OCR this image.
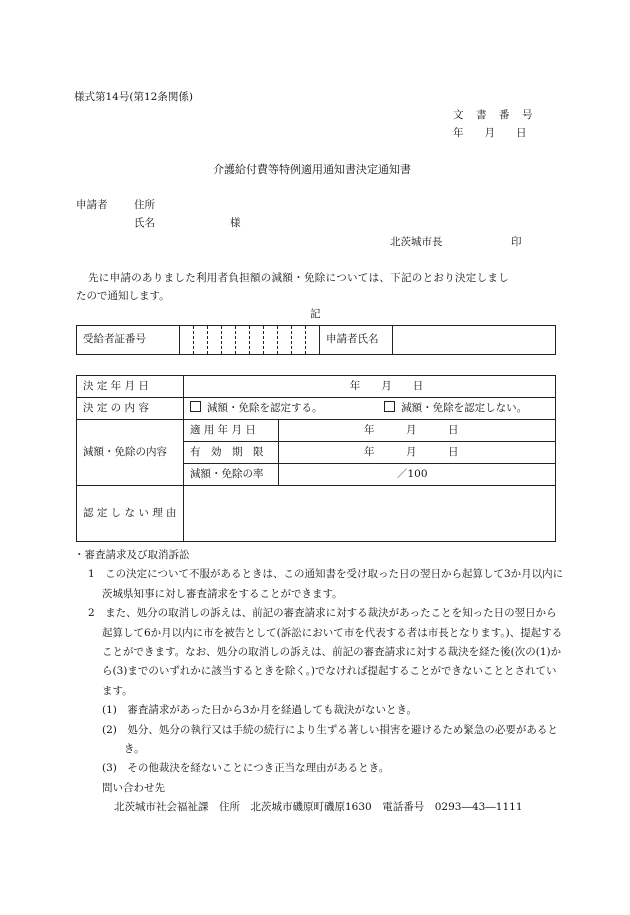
様式第14号(第12条関係)
文　書　番　号
年　　月　　日
介護給付費等特例適用通知書決定通知書
申請者	住所
氏名	様
北茨城市長	印
先に申請のありました利用者負担額の減額・免除については、下記のとおり決定しまし
たので通知します。
記
受給者証番号											申請者氏名	
決 定 年 月 日	年　　月　　日	
決 定 の 内 容	減額・免除を認定する。 減額・免除を認定しない。	
減額・免除の内容	適 用 年 月 日	年　　　月　　　日
	有　効　期　限	年　　　月　　　日
	減額・免除の率	／100
認 定 し な い 理 由		

・審査請求及び取消訴訟

1　この決定について不服があるときは、この通知書を受け取った日の翌日から起算して3か月以内に茨城県知事に対し審査請求をすることができます。

2　また、処分の取消しの訴えは、前記の審査請求に対する裁決があったことを知った日の翌日から起算して6か月以内に市を被告として(訴訟において市を代表する者は市長となります。)、提起することができます。なお、処分の取消しの訴えは、前記の審査請求に対する裁決を経た後(次の(1)から(3)までのいずれかに該当するときを除く。)でなければ提起することができないこととされています。

(1)　審査請求があった日から3か月を経過しても裁決がないとき。

(2)　処分、処分の執行又は手続の続行により生ずる著しい損害を避けるため緊急の必要があるとき。

(3)　その他裁決を経ないことにつき正当な理由があるとき。

問い合わせ先

北茨城市社会福祉課　住所　北茨城市磯原町磯原1630　電話番号　0293―43―1111
